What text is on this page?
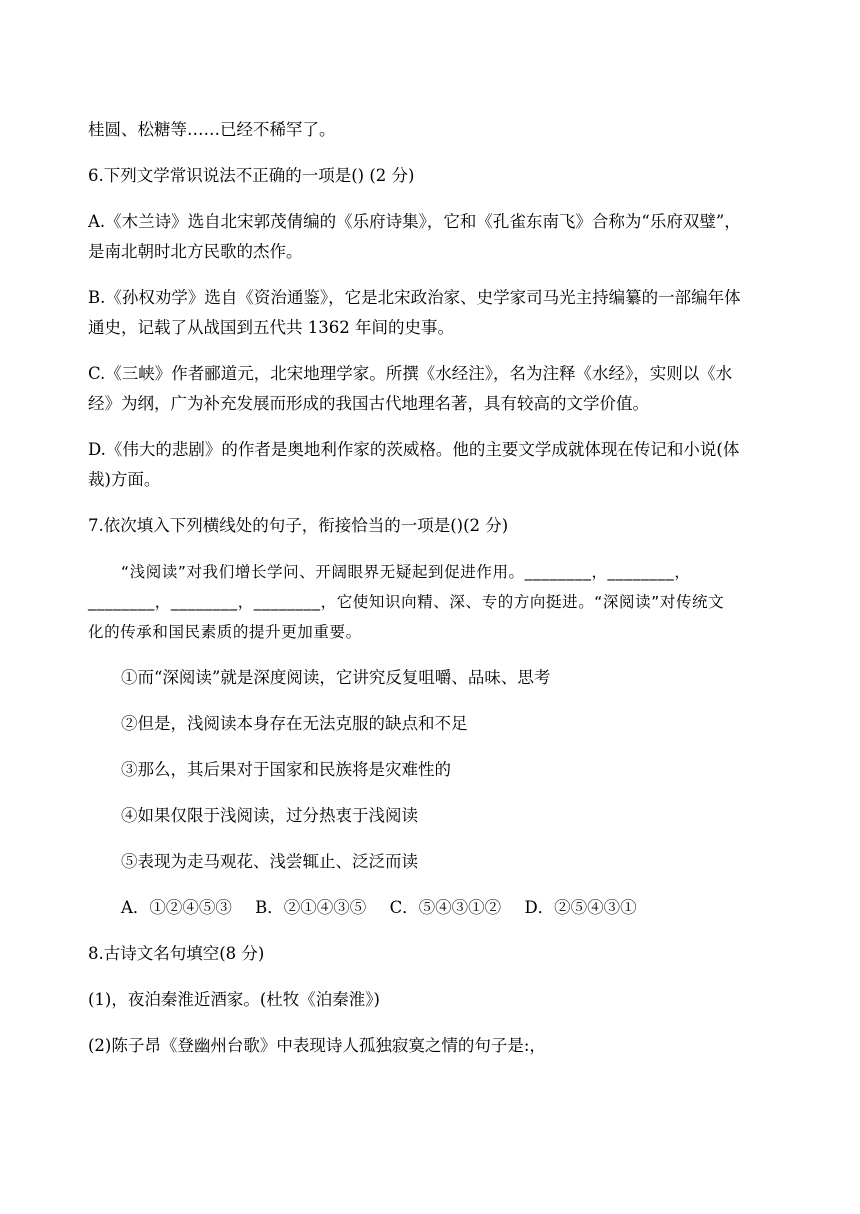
桂圆、松糖等……已经不稀罕了。

6.下列文学常识说法不正确的一项是() (2 分)

A.《木兰诗》选自北宋郭茂倩编的《乐府诗集》，它和《孔雀东南飞》合称为“乐府双璧”，

是南北朝时北方民歌的杰作。

B.《孙权劝学》选自《资治通鉴》，它是北宋政治家、史学家司马光主持编纂的一部编年体

通史，记载了从战国到五代共 1362 年间的史事。

C.《三峡》作者郦道元，北宋地理学家。所撰《水经注》，名为注释《水经》，实则以《水

经》为纲，广为补充发展而形成的我国古代地理名著，具有较高的文学价值。

D.《伟大的悲剧》的作者是奥地利作家的茨威格。他的主要文学成就体现在传记和小说(体

裁)方面。

7.依次填入下列横线处的句子，衔接恰当的一项是()(2 分)

“浅阅读”对我们增长学问、开阔眼界无疑起到促进作用。________，________，

________，________，________，它使知识向精、深、专的方向挺进。“深阅读”对传统文

化的传承和国民素质的提升更加重要。

①而“深阅读”就是深度阅读，它讲究反复咀嚼、品味、思考

②但是，浅阅读本身存在无法克服的缺点和不足

③那么，其后果对于国家和民族将是灾难性的

④如果仅限于浅阅读，过分热衷于浅阅读

⑤表现为走马观花、浅尝辄止、泛泛而读

A．①②④⑤③ B．②①④③⑤ C．⑤④③①② D．②⑤④③①

8.古诗文名句填空(8 分)

(1)，夜泊秦淮近酒家。(杜牧《泊秦淮》)

(2)陈子昂《登幽州台歌》中表现诗人孤独寂寞之情的句子是:，
